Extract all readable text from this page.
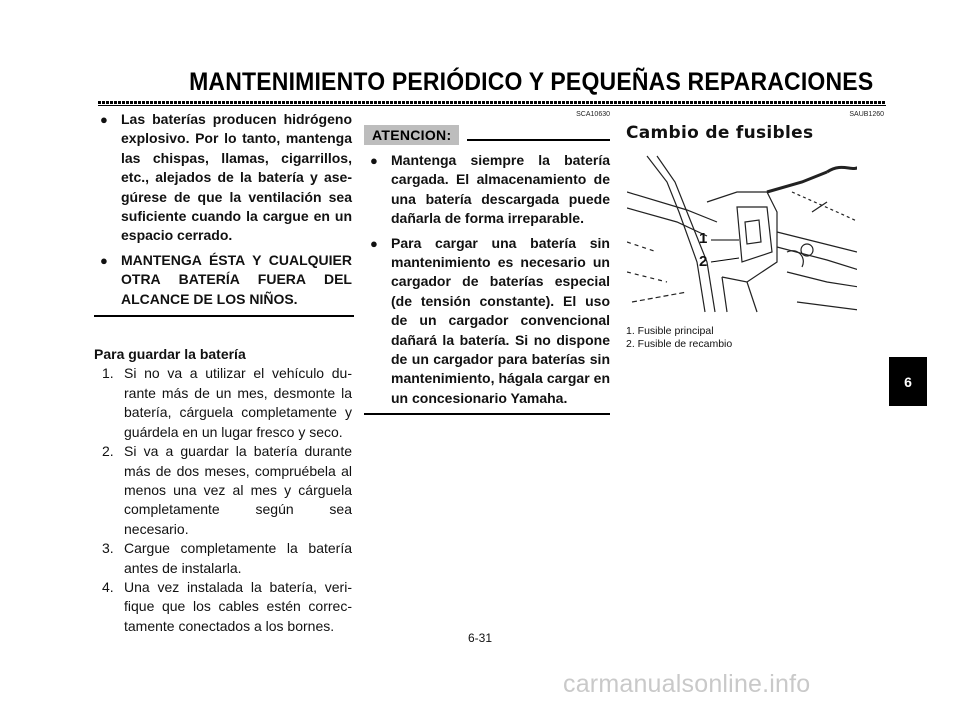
MANTENIMIENTO PERIÓDICO Y PEQUEÑAS REPARACIONES
● Las baterías producen hidrógeno explosivo. Por lo tanto, mantenga las chispas, llamas, cigarrillos, etc., alejados de la batería y asegúrese de que la ventilación sea suficiente cuando la cargue en un espacio cerrado.
● MANTENGA ÉSTA Y CUALQUIER OTRA BATERÍA FUERA DEL ALCANCE DE LOS NIÑOS.
Para guardar la batería
1. Si no va a utilizar el vehículo durante más de un mes, desmonte la batería, cárguela completamente y guárdela en un lugar fresco y seco.
2. Si va a guardar la batería durante más de dos meses, compruébela al menos una vez al mes y cárguela completamente según sea necesario.
3. Cargue completamente la batería antes de instalarla.
4. Una vez instalada la batería, verifique que los cables estén correctamente conectados a los bornes.
SCA10630
ATENCION:
● Mantenga siempre la batería cargada. El almacenamiento de una batería descargada puede dañarla de forma irreparable.
● Para cargar una batería sin mantenimiento es necesario un cargador de baterías especial (de tensión constante). El uso de un cargador convencional dañará la batería. Si no dispone de un cargador para baterías sin mantenimiento, hágala cargar en un concesionario Yamaha.
SAUB1260
Cambio de fusibles
1
2
1. Fusible principal
2. Fusible de recambio
6
6-31
carmanualsonline.info
